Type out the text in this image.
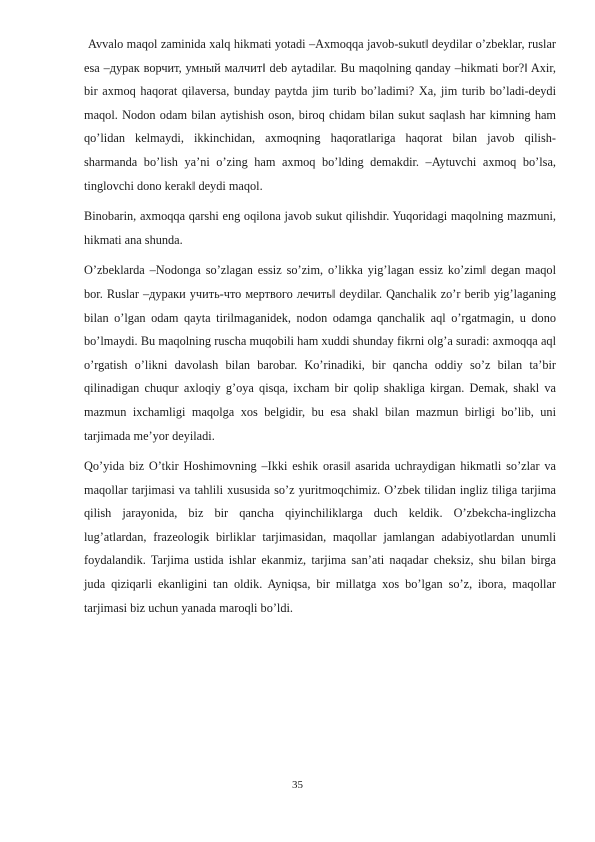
Avvalo maqol zaminida xalq hikmati yotadi –Axmoqqa javob-sukut‖ deydilar o’zbeklar, ruslar esa –дурак ворчит, умный малчит‖ deb aytadilar. Bu maqolning qanday –hikmati bor?‖ Axir, bir axmoq haqorat qilaversa, bunday paytda jim turib bo’ladimi? Xa, jim turib bo’ladi-deydi maqol. Nodon odam bilan aytishish oson, biroq chidam bilan sukut saqlash har kimning ham qo’lidan kelmaydi, ikkinchidan, axmoqning haqoratlariga haqorat bilan javob qilish- sharmanda bo’lish ya’ni o’zing ham axmoq bo’lding demakdir. –Aytuvchi axmoq bo’lsa, tinglovchi dono kerak‖ deydi maqol.

Binobarin, axmoqqa qarshi eng oqilona javob sukut qilishdir. Yuqoridagi maqolning mazmuni, hikmati ana shunda.

O’zbeklarda –Nodonga so’zlagan essiz so’zim, o’likka yig’lagan essiz ko’zim‖ degan maqol bor. Ruslar –дураки учить-что мертвого лечить‖ deydilar. Qanchalik zo’r berib yig’laganing bilan o’lgan odam qayta tirilmaganidek, nodon odamga qanchalik aql o’rgatmagin, u dono bo’lmaydi. Bu maqolning ruscha muqobili ham xuddi shunday fikrni olg’a suradi: axmoqqa aql o’rgatish o’likni davolash bilan barobar. Ko’rinadiki, bir qancha oddiy so’z bilan ta’bir qilinadigan chuqur axloqiy g’oya qisqa, ixcham bir qolip shakliga kirgan. Demak, shakl va mazmun ixchamligi maqolga xos belgidir, bu esa shakl bilan mazmun birligi bo’lib, uni tarjimada me’yor deyiladi.

Qo’yida biz O’tkir Hoshimovning –Ikki eshik orasi‖ asarida uchraydigan hikmatli so’zlar va maqollar tarjimasi va tahlili xususida so’z yuritmoqchimiz. O’zbek tilidan ingliz tiliga tarjima qilish jarayonida, biz bir qancha qiyinchiliklarga duch keldik. O’zbekcha-inglizcha lug’atlardan, frazeologik birliklar tarjimasidan, maqollar jamlangan adabiyotlardan unumli foydalandik. Tarjima ustida ishlar ekanmiz, tarjima san’ati naqadar cheksiz, shu bilan birga juda qiziqarli ekanligini tan oldik. Ayniqsa, bir millatga xos bo’lgan so’z, ibora, maqollar tarjimasi biz uchun yanada maroqli bo’ldi.

35
